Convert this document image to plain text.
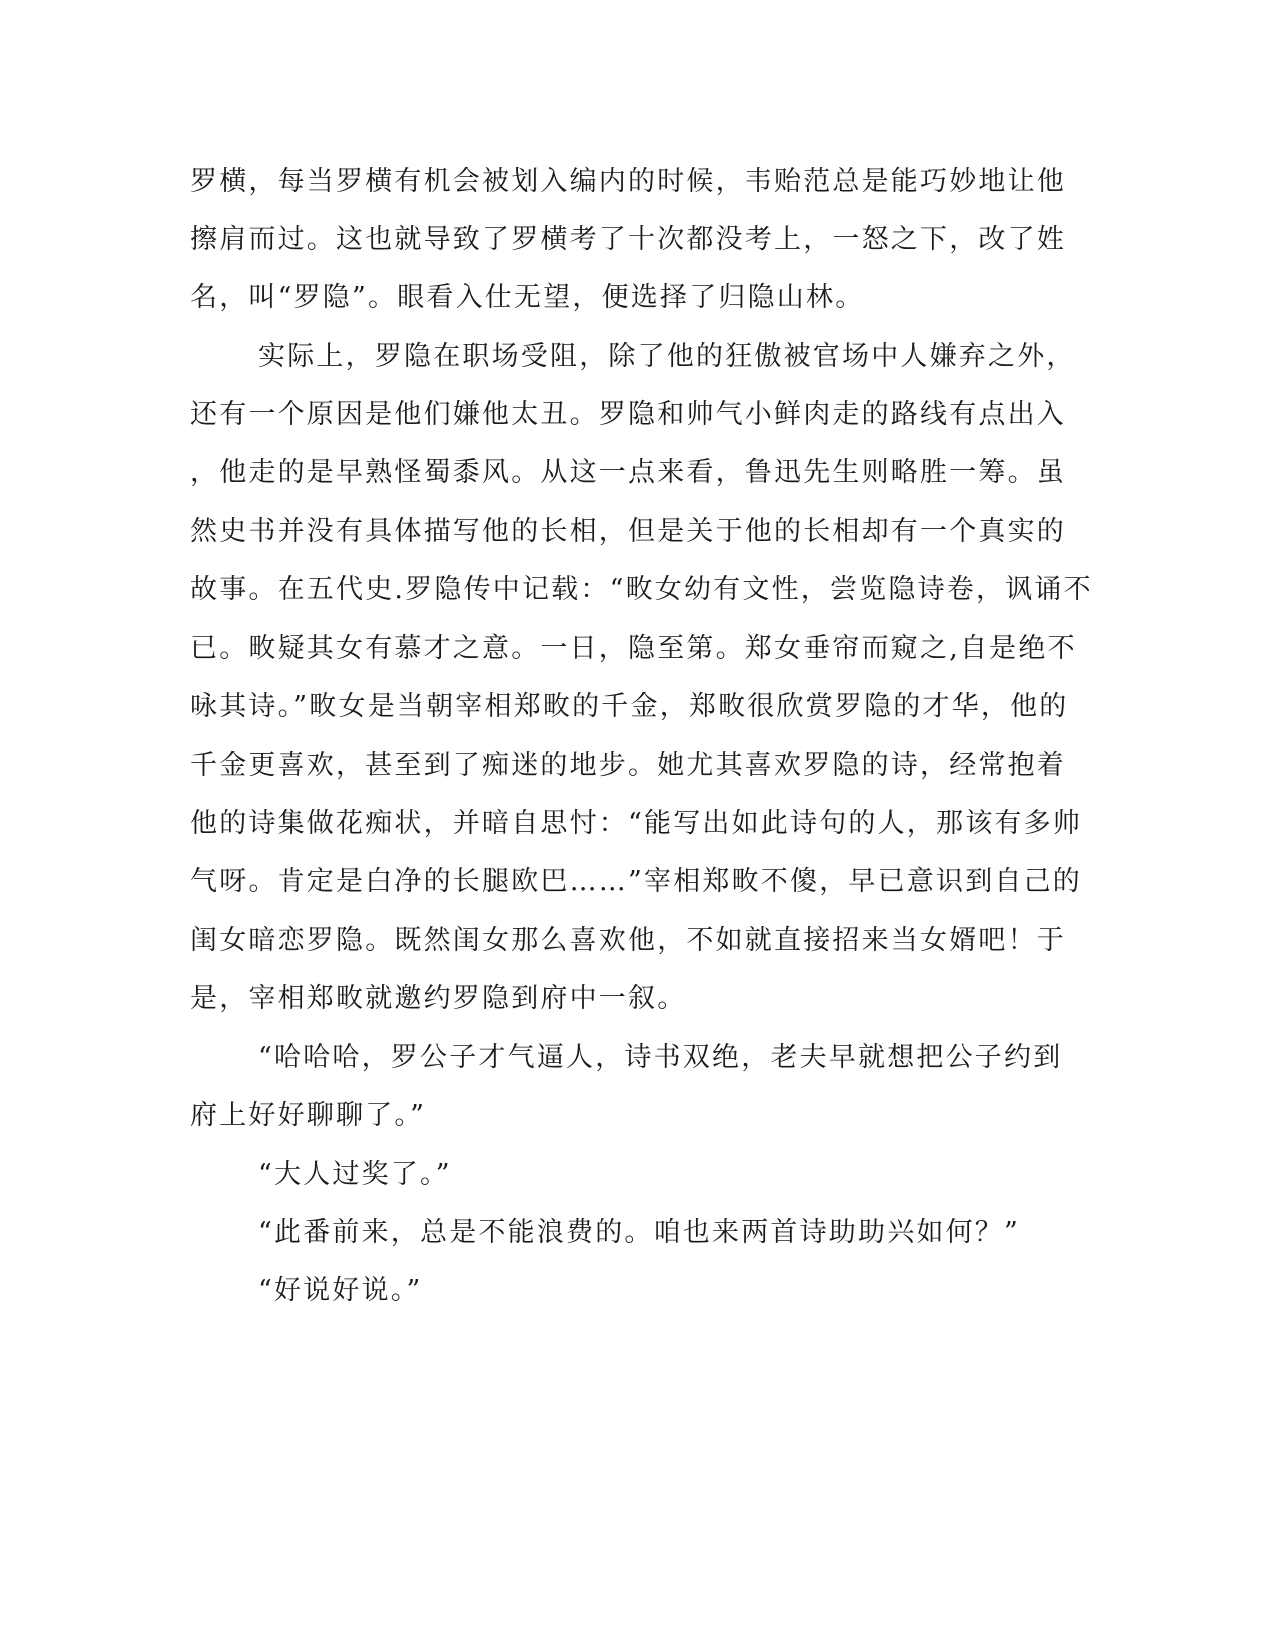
罗横，每当罗横有机会被划入编内的时候，韦贻范总是能巧妙地让他
擦肩而过。这也就导致了罗横考了十次都没考上，一怒之下，改了姓
名，叫“罗隐”。眼看入仕无望，便选择了归隐山林。
实际上，罗隐在职场受阻，除了他的狂傲被官场中人嫌弃之外，
还有一个原因是他们嫌他太丑。罗隐和帅气小鲜肉走的路线有点出入
，他走的是早熟怪蜀黍风。从这一点来看，鲁迅先生则略胜一筹。虽
然史书并没有具体描写他的长相，但是关于他的长相却有一个真实的
故事。在五代史.罗隐传中记载：“畋女幼有文性，尝览隐诗卷，讽诵不
已。畋疑其女有慕才之意。一日，隐至第。郑女垂帘而窥之,自是绝不
咏其诗。”畋女是当朝宰相郑畋的千金，郑畋很欣赏罗隐的才华，他的
千金更喜欢，甚至到了痴迷的地步。她尤其喜欢罗隐的诗，经常抱着
他的诗集做花痴状，并暗自思忖：“能写出如此诗句的人，那该有多帅
气呀。肯定是白净的长腿欧巴……”宰相郑畋不傻，早已意识到自己的
闺女暗恋罗隐。既然闺女那么喜欢他，不如就直接招来当女婿吧！于
是，宰相郑畋就邀约罗隐到府中一叙。
“哈哈哈，罗公子才气逼人，诗书双绝，老夫早就想把公子约到
府上好好聊聊了。”
“大人过奖了。”
“此番前来，总是不能浪费的。咱也来两首诗助助兴如何？”
“好说好说。”
